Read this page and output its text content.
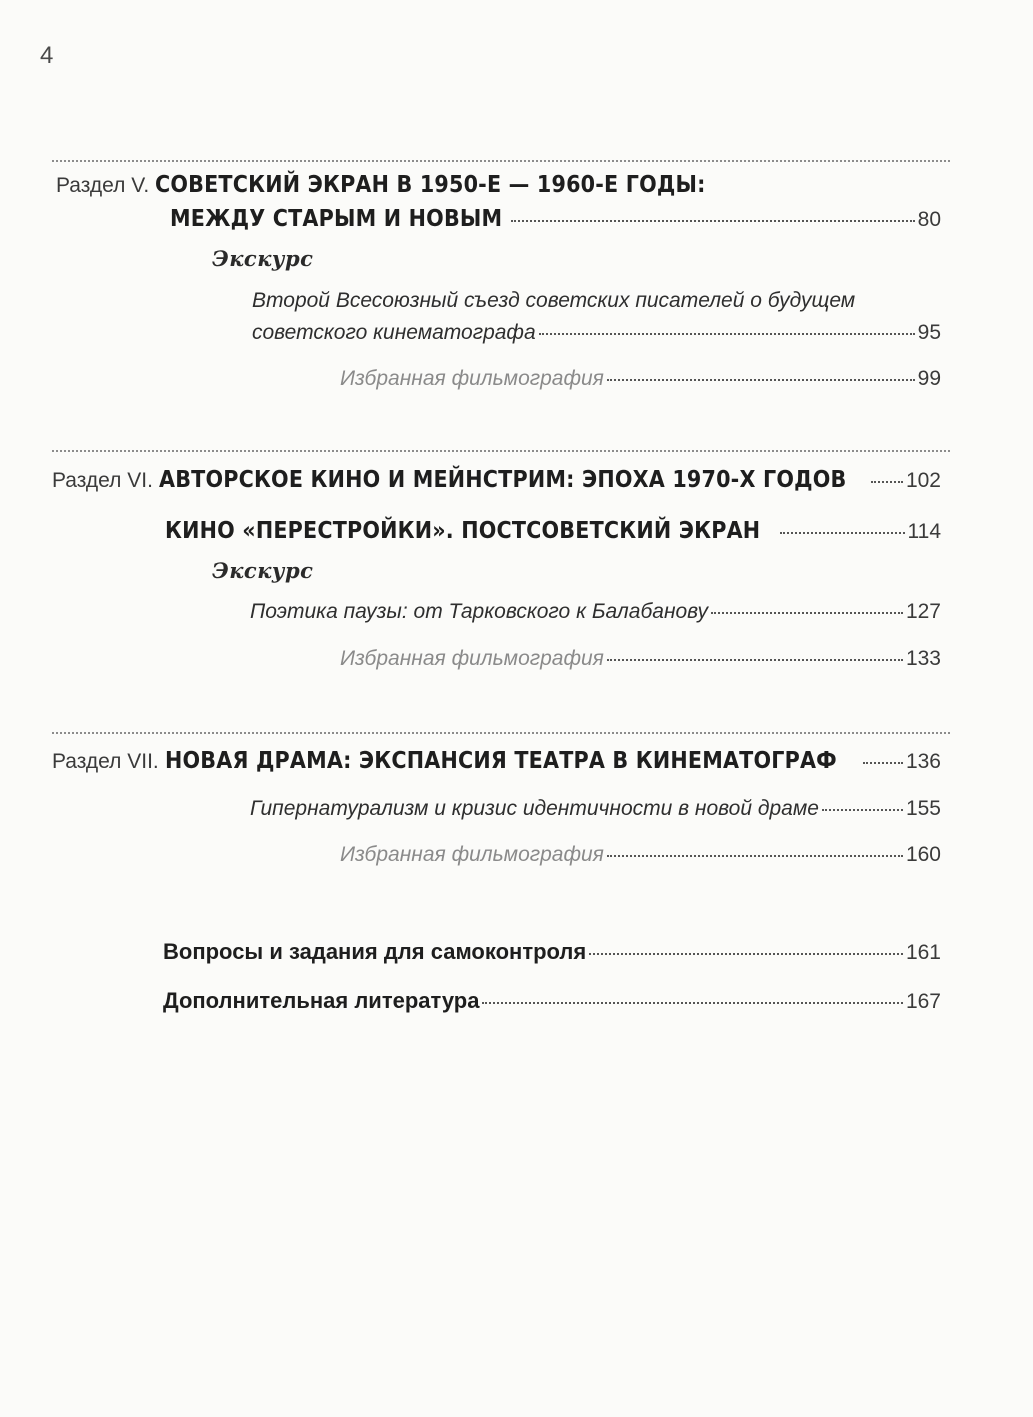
4
Раздел V. СОВЕТСКИЙ ЭКРАН В 1950-Е — 1960-Е ГОДЫ:
МЕЖДУ СТАРЫМ И НОВЫМ	80
Экскурс
Второй Всесоюзный съезд советских писателей о будущем
советского кинематографа	95
Избранная фильмография	99
Раздел VI. АВТОРСКОЕ КИНО И МЕЙНСТРИМ: ЭПОХА 1970-Х ГОДОВ	102
КИНО «ПЕРЕСТРОЙКИ». ПОСТСОВЕТСКИЙ ЭКРАН	114
Экскурс
Поэтика паузы: от Тарковского к Балабанову	127
Избранная фильмография	133
Раздел VII. НОВАЯ ДРАМА: ЭКСПАНСИЯ ТЕАТРА В КИНЕМАТОГРАФ	136
Гипернатурализм и кризис идентичности в новой драме	155
Избранная фильмография	160
Вопросы и задания для самоконтроля	161
Дополнительная литература	167
